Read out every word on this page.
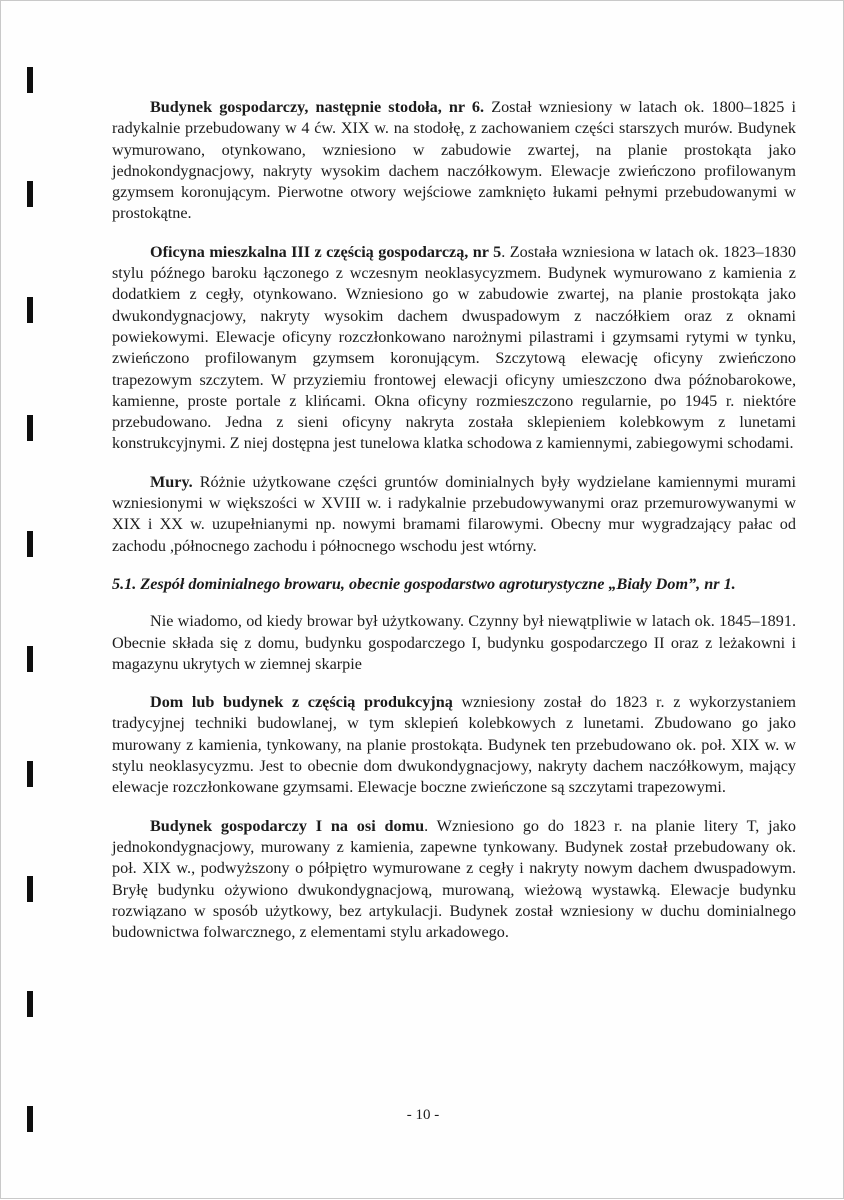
Budynek gospodarczy, następnie stodoła, nr 6. Został wzniesiony w latach ok. 1800–1825 i radykalnie przebudowany w 4 ćw. XIX w. na stodołę, z zachowaniem części starszych murów. Budynek wymurowano, otynkowano, wzniesiono w zabudowie zwartej, na planie prostokąta jako jednokondygnacjowy, nakryty wysokim dachem naczółkowym. Elewacje zwieńczono profilowanym gzymsem koronującym. Pierwotne otwory wejściowe zamknięto łukami pełnymi przebudowanymi w prostokątne.

Oficyna mieszkalna III z częścią gospodarczą, nr 5. Została wzniesiona w latach ok. 1823–1830 stylu późnego baroku łączonego z wczesnym neoklasycyzmem. Budynek wymurowano z kamienia z dodatkiem z cegły, otynkowano. Wzniesiono go w zabudowie zwartej, na planie prostokąta jako dwukondygnacjowy, nakryty wysokim dachem dwuspadowym z naczółkiem oraz z oknami powiekowymi. Elewacje oficyny rozczłonkowano narożnymi pilastrami i gzymsami rytymi w tynku, zwieńczono profilowanym gzymsem koronującym. Szczytową elewację oficyny zwieńczono trapezowym szczytem. W przyziemiu frontowej elewacji oficyny umieszczono dwa późnobarokowe, kamienne, proste portale z klińcami. Okna oficyny rozmieszczono regularnie, po 1945 r. niektóre przebudowano. Jedna z sieni oficyny nakryta została sklepieniem kolebkowym z lunetami konstrukcyjnymi. Z niej dostępna jest tunelowa klatka schodowa z kamiennymi, zabiegowymi schodami.

Mury. Różnie użytkowane części gruntów dominialnych były wydzielane kamiennymi murami wzniesionymi w większości w XVIII w. i radykalnie przebudowywanymi oraz przemurowywanymi w XIX i XX w. uzupełnianymi np. nowymi bramami filarowymi. Obecny mur wygradzający pałac od zachodu ,północnego zachodu i północnego wschodu jest wtórny.

5.1. Zespół dominialnego browaru, obecnie gospodarstwo agroturystyczne „Biały Dom”, nr 1.

Nie wiadomo, od kiedy browar był użytkowany. Czynny był niewątpliwie w latach ok. 1845–1891. Obecnie składa się z domu, budynku gospodarczego I, budynku gospodarczego II oraz z leżakowni i magazynu ukrytych w ziemnej skarpie

Dom lub budynek z częścią produkcyjną wzniesiony został do 1823 r. z wykorzystaniem tradycyjnej techniki budowlanej, w tym sklepień kolebkowych z lunetami. Zbudowano go jako murowany z kamienia, tynkowany, na planie prostokąta. Budynek ten przebudowano ok. poł. XIX w. w stylu neoklasycyzmu. Jest to obecnie dom dwukondygnacjowy, nakryty dachem naczółkowym, mający elewacje rozczłonkowane gzymsami. Elewacje boczne zwieńczone są szczytami trapezowymi.

Budynek gospodarczy I na osi domu. Wzniesiono go do 1823 r. na planie litery T, jako jednokondygnacjowy, murowany z kamienia, zapewne tynkowany. Budynek został przebudowany ok. poł. XIX w., podwyższony o półpiętro wymurowane z cegły i nakryty nowym dachem dwuspadowym. Bryłę budynku ożywiono dwukondygnacjową, murowaną, wieżową wystawką. Elewacje budynku rozwiązano w sposób użytkowy, bez artykulacji. Budynek został wzniesiony w duchu dominialnego budownictwa folwarcznego, z elementami stylu arkadowego.

- 10 -
